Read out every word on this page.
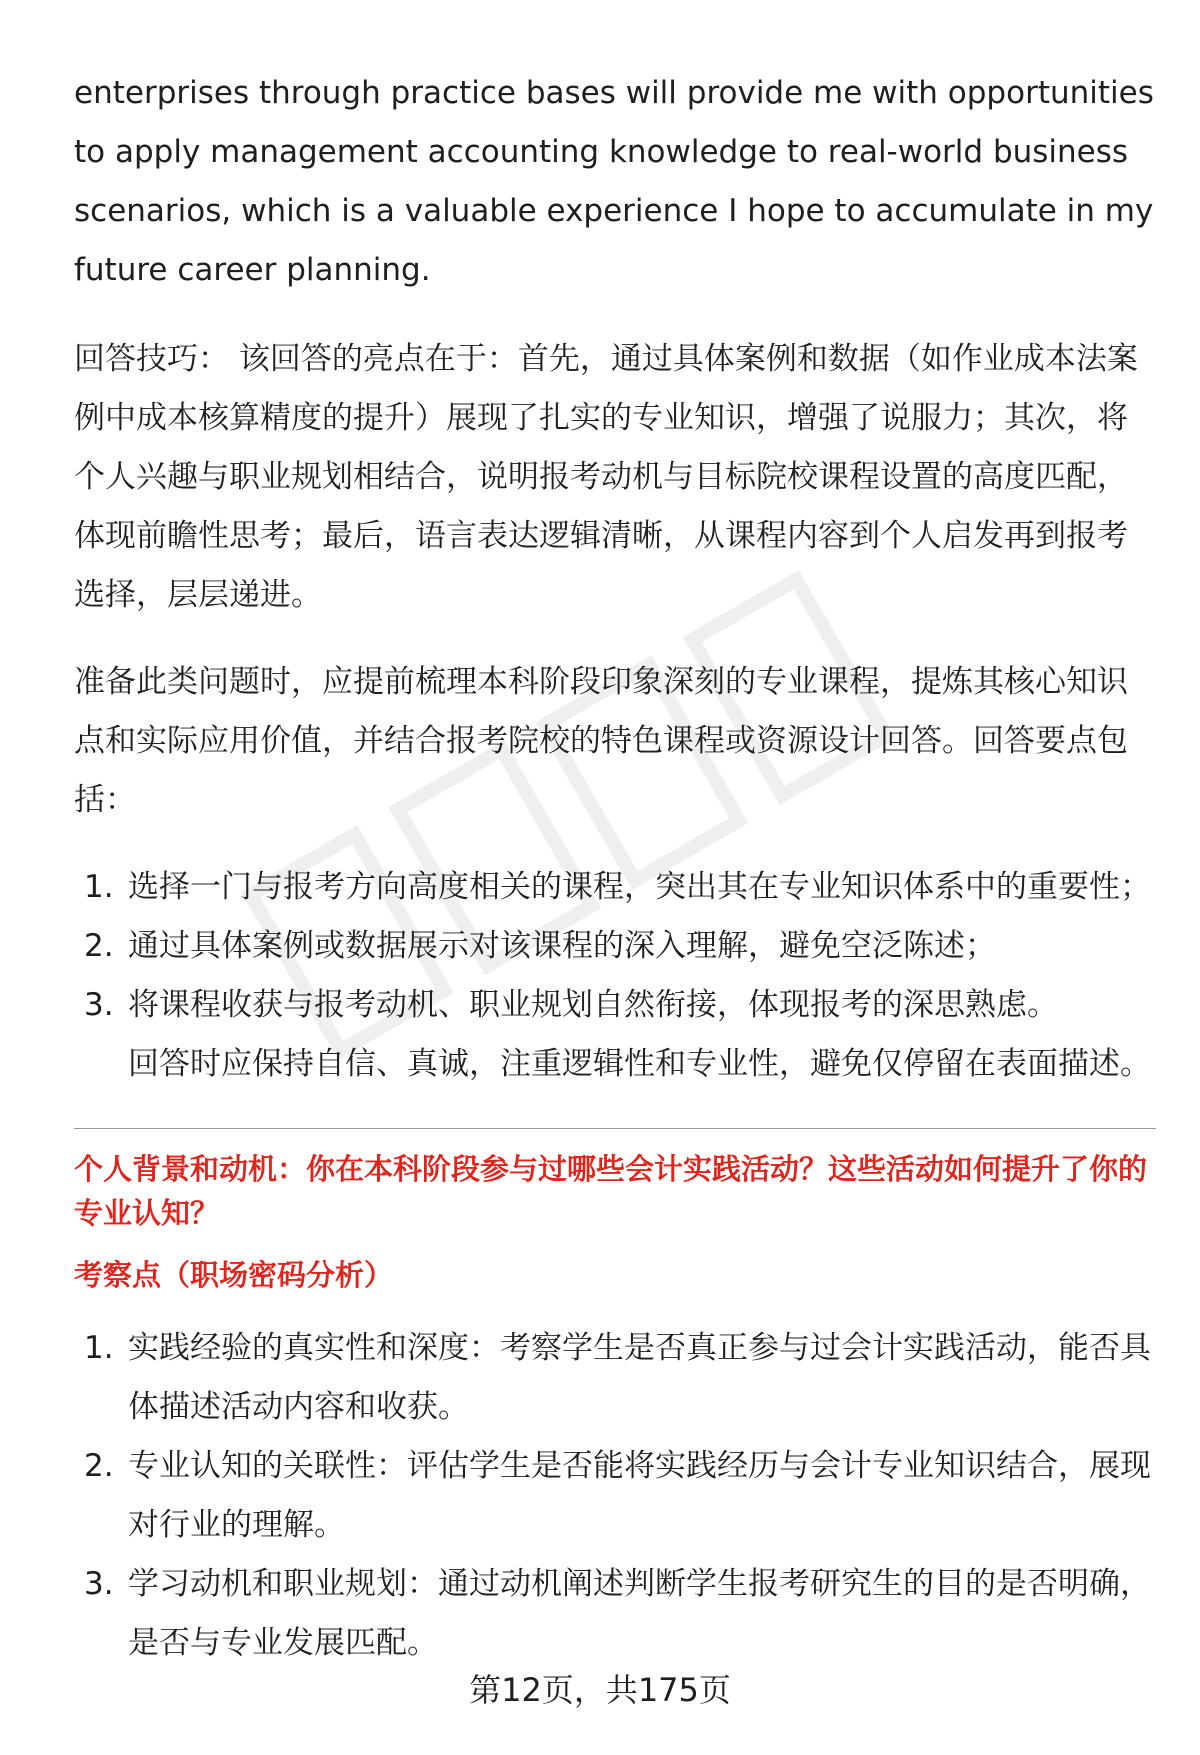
enterprises through practice bases will provide me with opportunities to apply management accounting knowledge to real-world business scenarios, which is a valuable experience I hope to accumulate in my future career planning.

回答技巧： 该回答的亮点在于：首先，通过具体案例和数据（如作业成本法案例中成本核算精度的提升）展现了扎实的专业知识，增强了说服力；其次，将个人兴趣与职业规划相结合，说明报考动机与目标院校课程设置的高度匹配，体现前瞻性思考；最后，语言表达逻辑清晰，从课程内容到个人启发再到报考选择，层层递进。

准备此类问题时，应提前梳理本科阶段印象深刻的专业课程，提炼其核心知识点和实际应用价值，并结合报考院校的特色课程或资源设计回答。回答要点包括：

1. 选择一门与报考方向高度相关的课程，突出其在专业知识体系中的重要性；
2. 通过具体案例或数据展示对该课程的深入理解，避免空泛陈述；
3. 将课程收获与报考动机、职业规划自然衔接，体现报考的深思熟虑。
回答时应保持自信、真诚，注重逻辑性和专业性，避免仅停留在表面描述。
个人背景和动机：你在本科阶段参与过哪些会计实践活动？这些活动如何提升了你的专业认知？
考察点（职场密码分析）
1. 实践经验的真实性和深度：考察学生是否真正参与过会计实践活动，能否具体描述活动内容和收获。
2. 专业认知的关联性：评估学生是否能将实践经历与会计专业知识结合，展现对行业的理解。
3. 学习动机和职业规划：通过动机阐述判断学生报考研究生的目的是否明确，是否与专业发展匹配。
第12页，共175页
